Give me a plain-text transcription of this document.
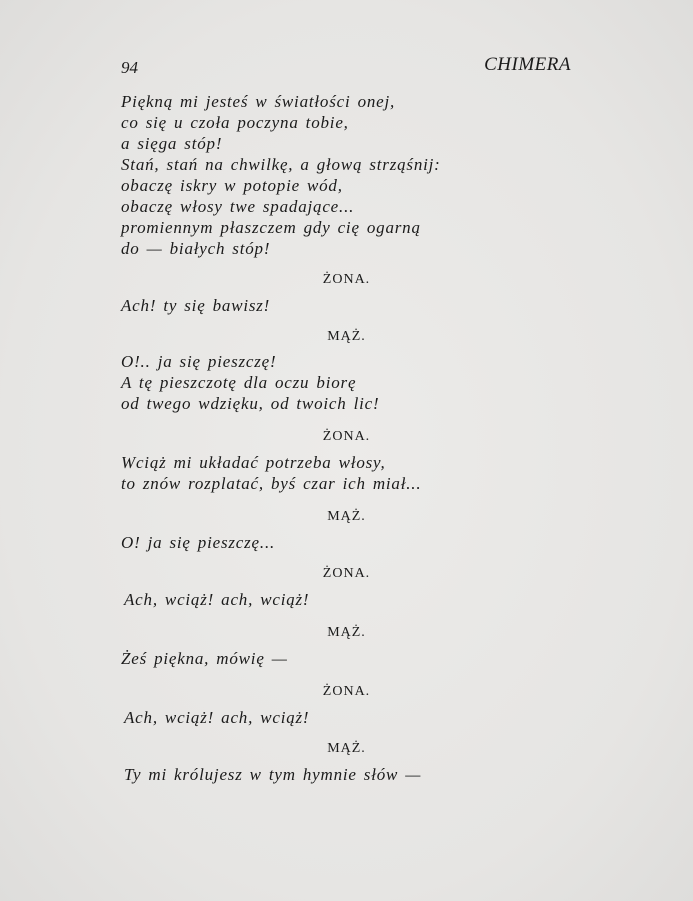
94	CHIMERA
Piękną mi jesteś w światłości onej,
co się u czoła poczyna tobie,
a sięga stóp!
Stań, stań na chwilkę, a głową strząśnij:
obaczę iskry w potopie wód,
obaczę włosy twe spadające...
promiennym płaszczem gdy cię ogarną
do — białych stóp!
ŻONA.
Ach! ty się bawisz!
MĄŻ.
O!.. ja się pieszczę!
A tę pieszczotę dla oczu biorę
od twego wdzięku, od twoich lic!
ŻONA.
Wciąż mi układać potrzeba włosy,
to znów rozplatać, byś czar ich miał...
MĄŻ.
O! ja się pieszczę...
ŻONA.
Ach, wciąż! ach, wciąż!
MĄŻ.
Żeś piękna, mówię —
ŻONA.
Ach, wciąż! ach, wciąż!
MĄŻ.
Ty mi królujesz w tym hymnie słów —
